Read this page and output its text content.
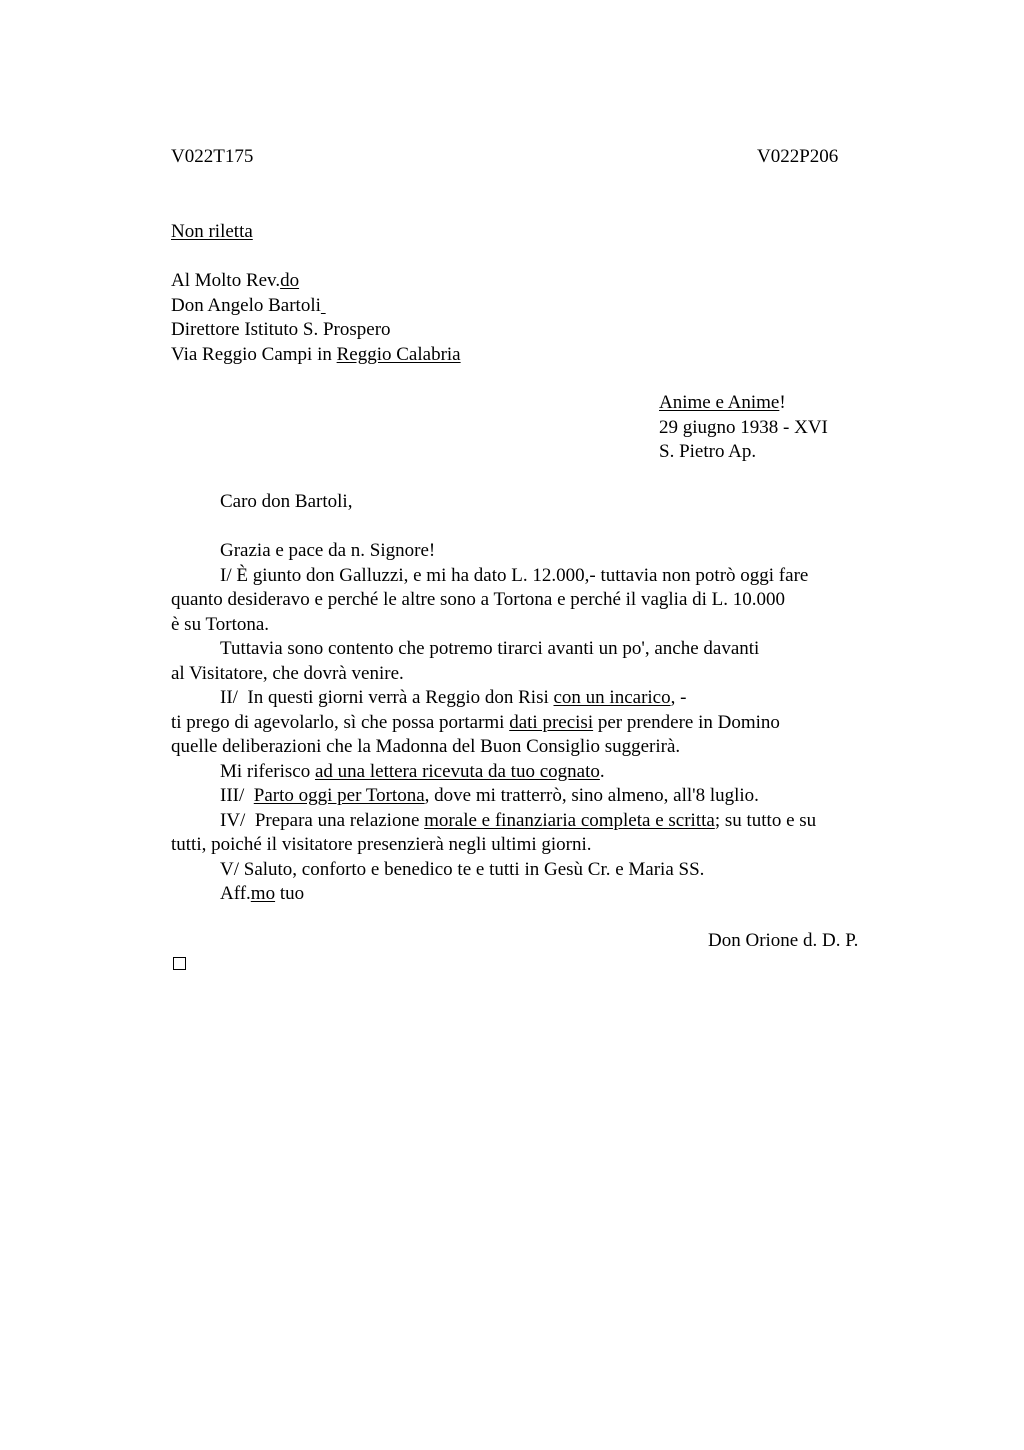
V022T175	V022P206
Non riletta
Al Molto Rev.do
Don Angelo Bartoli
Direttore Istituto S. Prospero
Via Reggio Campi in Reggio Calabria
Anime e Anime!
29 giugno 1938 - XVI
S. Pietro Ap.
Caro don Bartoli,
Grazia e pace da n. Signore!
I/ È giunto don Galluzzi, e mi ha dato L. 12.000,- tuttavia non potrò oggi fare
quanto desideravo e perché le altre sono a Tortona e perché il vaglia di L. 10.000
è su Tortona.
Tuttavia sono contento che potremo tirarci avanti un po', anche davanti
al Visitatore, che dovrà venire.
II/  In questi giorni verrà a Reggio don Risi con un incarico, -
ti prego di agevolarlo, sì che possa portarmi dati precisi per prendere in Domino
quelle deliberazioni che la Madonna del Buon Consiglio suggerirà.
Mi riferisco ad una lettera ricevuta da tuo cognato.
III/  Parto oggi per Tortona, dove mi tratterrò, sino almeno, all'8 luglio.
IV/  Prepara una relazione morale e finanziaria completa e scritta; su tutto e su
tutti, poiché il visitatore presenzierà negli ultimi giorni.
V/ Saluto, conforto e benedico te e tutti in Gesù Cr. e Maria SS.
Aff.mo tuo
Don Orione d. D. P.
